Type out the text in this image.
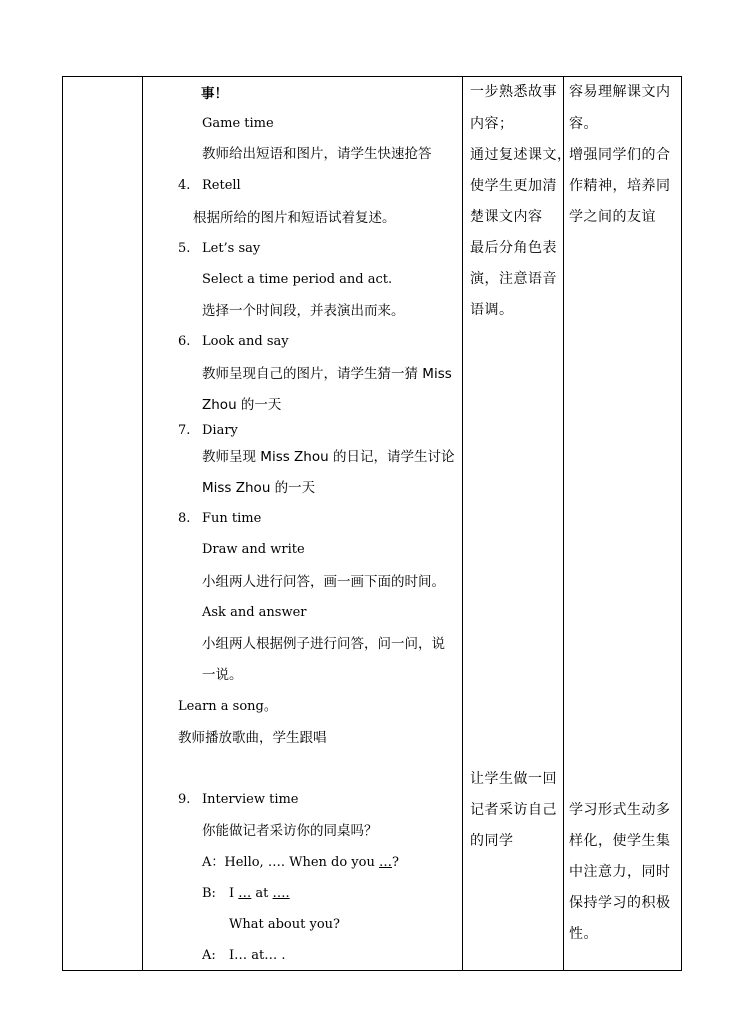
事！
Game time
教师给出短语和图片，请学生快速抢答
4. Retell
根据所给的图片和短语试着复述。
5. Let’s say
Select a time period and act.
选择一个时间段，并表演出而来。
6. Look and say
教师呈现自己的图片，请学生猜一猜 Miss
Zhou 的一天
7. Diary
教师呈现 Miss Zhou 的日记，请学生讨论
Miss Zhou 的一天
8. Fun time
Draw and write
小组两人进行问答，画一画下面的时间。
Ask and answer
小组两人根据例子进行问答，问一问，说
一说。
Learn a song。
教师播放歌曲，学生跟唱
9. Interview time
你能做记者采访你的同桌吗？
A：Hello, …. When do you …?
B: I … at ….
What about you?
A: I… at… .
一步熟悉故事
内容；
通过复述课文，
使学生更加清
楚课文内容
最后分角色表
演，注意语音
语调。
让学生做一回
记者采访自己
的同学
容易理解课文内
容。
增强同学们的合
作精神，培养同
学之间的友谊
学习形式生动多
样化，使学生集
中注意力，同时
保持学习的积极
性。
